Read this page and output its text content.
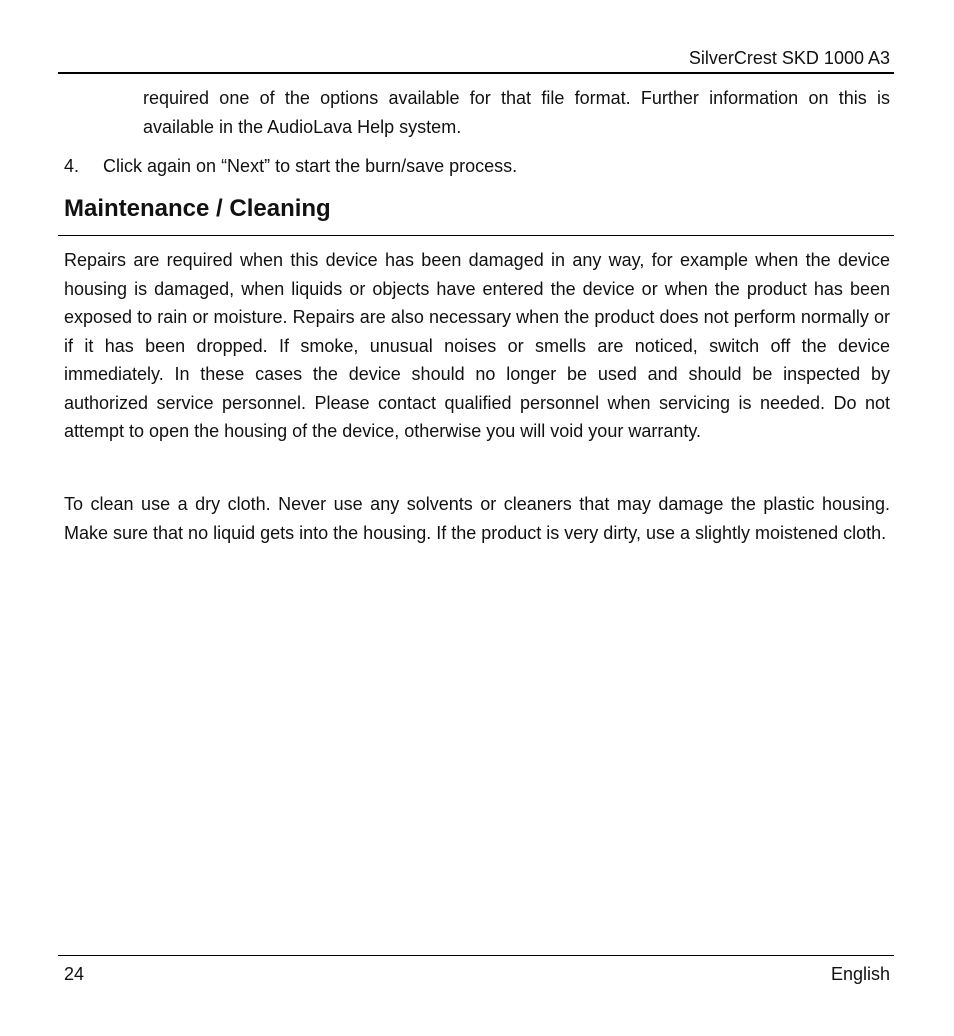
SilverCrest SKD 1000 A3

required one of the options available for that file format. Further information on this is available in the AudioLava Help system.

4. Click again on “Next” to start the burn/save process.

Maintenance / Cleaning

Repairs are required when this device has been damaged in any way, for example when the device housing is damaged, when liquids or objects have entered the device or when the product has been exposed to rain or moisture. Repairs are also necessary when the product does not perform normally or if it has been dropped. If smoke, unusual noises or smells are noticed, switch off the device immediately. In these cases the device should no longer be used and should be inspected by authorized service personnel. Please contact qualified personnel when servicing is needed. Do not attempt to open the housing of the device, otherwise you will void your warranty.

To clean use a dry cloth. Never use any solvents or cleaners that may damage the plastic housing. Make sure that no liquid gets into the housing. If the product is very dirty, use a slightly moistened cloth.

24	English
